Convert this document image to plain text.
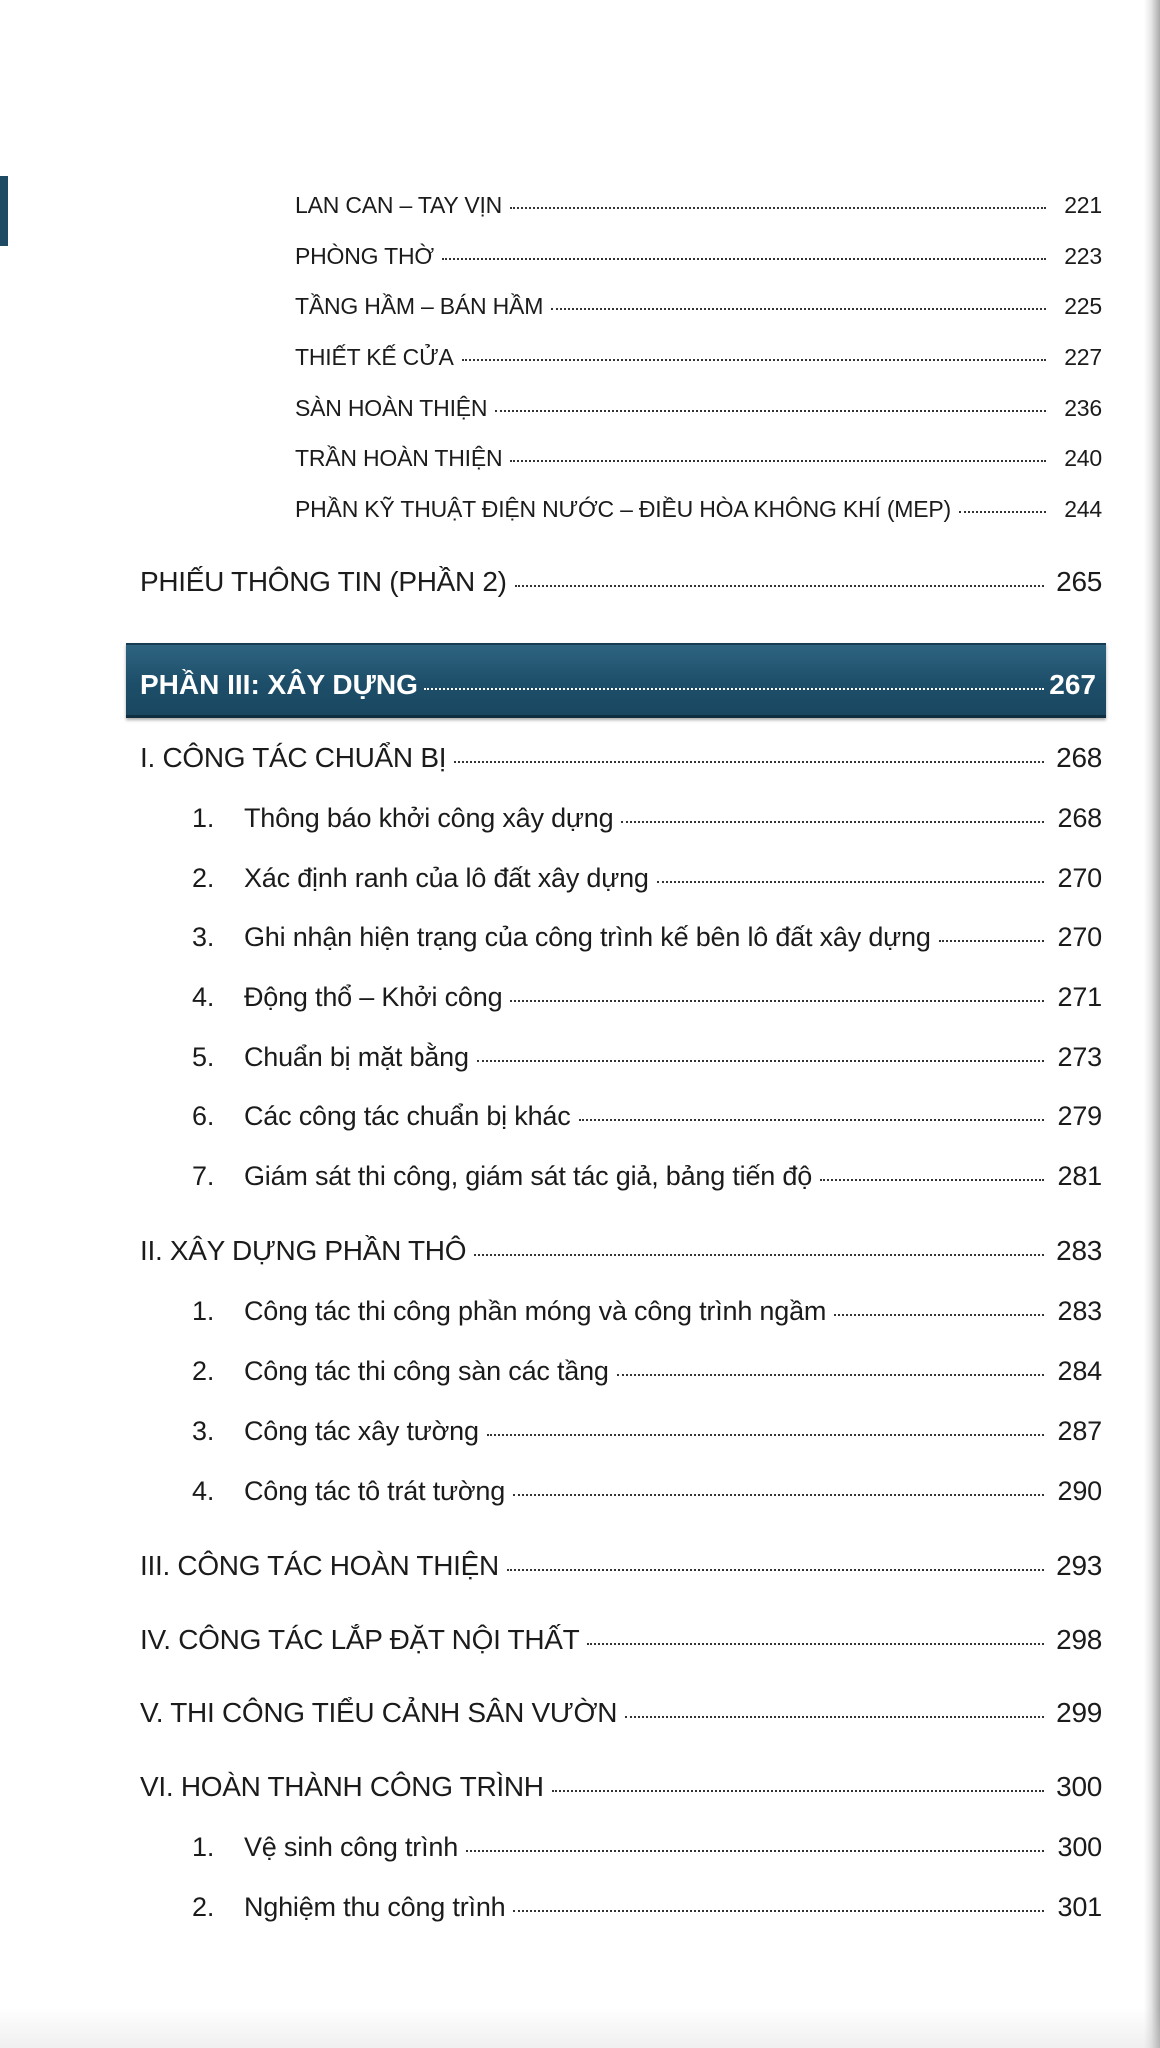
LAN CAN – TAY VỊN	221
PHÒNG THỜ	223
TẦNG HẦM – BÁN HẦM	225
THIẾT KẾ CỬA	227
SÀN HOÀN THIỆN	236
TRẦN HOÀN THIỆN	240
PHẦN KỸ THUẬT ĐIỆN NƯỚC – ĐIỀU HÒA KHÔNG KHÍ (MEP)	244
PHIẾU THÔNG TIN (PHẦN 2)	265
PHẦN III: XÂY DỰNG	267
I. CÔNG TÁC CHUẨN BỊ	268
1.	Thông báo khởi công xây dựng	268
2.	Xác định ranh của lô đất xây dựng	270
3.	Ghi nhận hiện trạng của công trình kế bên lô đất xây dựng	270
4.	Động thổ – Khởi công	271
5.	Chuẩn bị mặt bằng	273
6.	Các công tác chuẩn bị khác	279
7.	Giám sát thi công, giám sát tác giả, bảng tiến độ	281
II. XÂY DỰNG PHẦN THÔ	283
1.	Công tác thi công phần móng và công trình ngầm	283
2.	Công tác thi công sàn các tầng	284
3.	Công tác xây tường	287
4.	Công tác tô trát tường	290
III. CÔNG TÁC HOÀN THIỆN	293
IV. CÔNG TÁC LẮP ĐẶT NỘI THẤT	298
V. THI CÔNG TIỂU CẢNH SÂN VƯỜN	299
VI. HOÀN THÀNH CÔNG TRÌNH	300
1.	Vệ sinh công trình	300
2.	Nghiệm thu công trình	301
